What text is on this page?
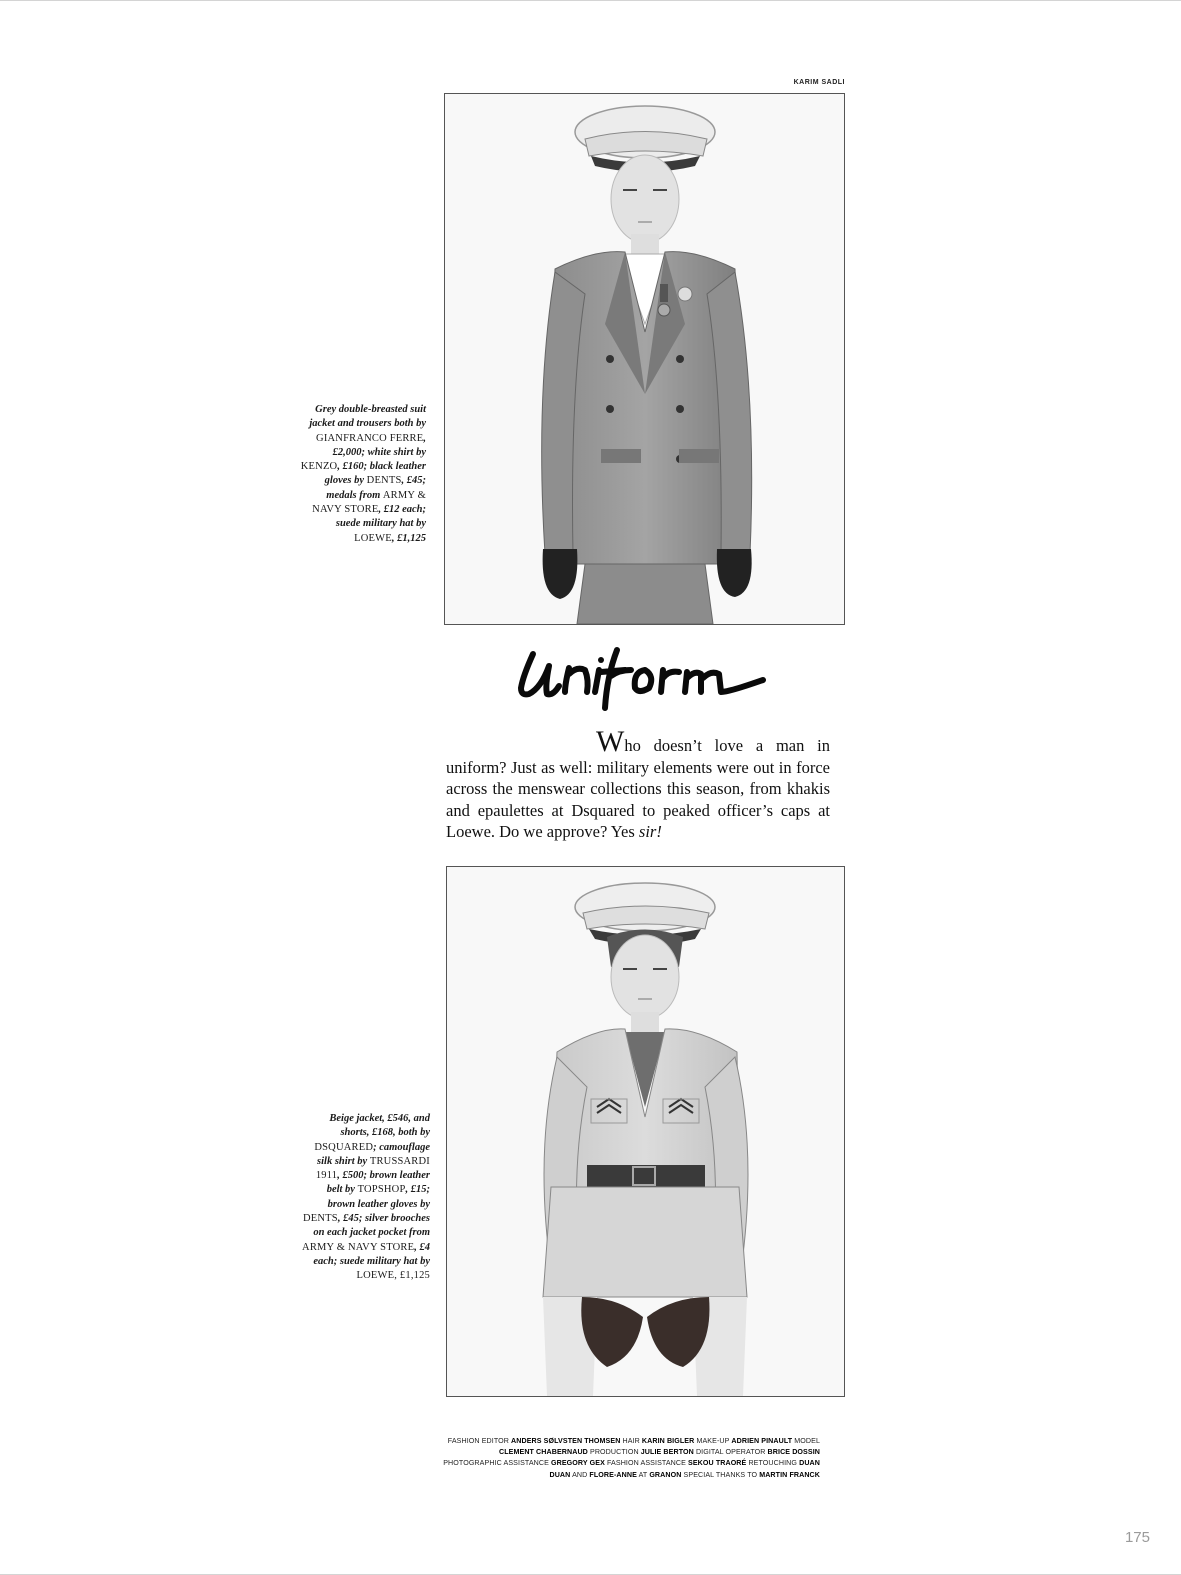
KARIM SADLI
Grey double-breasted suit jacket and trousers both by GIANFRANCO FERRE, £2,000; white shirt by KENZO, £160; black leather gloves by DENTS, £45; medals from ARMY & NAVY STORE, £12 each; suede military hat by LOEWE, £1,125
Who doesn’t love a man in uniform? Just as well: military elements were out in force across the menswear collections this season, from khakis and epaulettes at Dsquared to peaked officer’s caps at Loewe. Do we approve? Yes sir!
Beige jacket, £546, and shorts, £168, both by DSQUARED; camouflage silk shirt by TRUSSARDI 1911, £500; brown leather belt by TOPSHOP, £15; brown leather gloves by DENTS, £45; silver brooches on each jacket pocket from ARMY & NAVY STORE, £4 each; suede military hat by LOEWE, £1,125
FASHION EDITOR ANDERS SØLVSTEN THOMSEN HAIR KARIN BIGLER MAKE-UP ADRIEN PINAULT MODEL CLEMENT CHABERNAUD PRODUCTION JULIE BERTON DIGITAL OPERATOR BRICE DOSSIN PHOTOGRAPHIC ASSISTANCE GREGORY GEX FASHION ASSISTANCE SEKOU TRAORÉ RETOUCHING DUAN DUAN AND FLORE-ANNE AT GRANON SPECIAL THANKS TO MARTIN FRANCK
175
